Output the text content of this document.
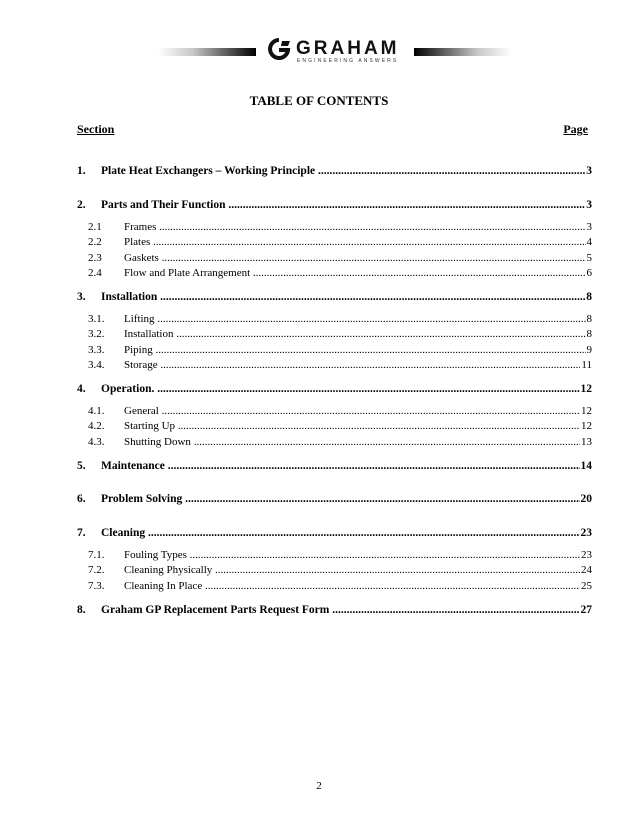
GRAHAM
ENGINEERING ANSWERS
TABLE OF CONTENTS
Section	Page
1. Plate Heat Exchangers – Working Principle .....	3
2. Parts and Their Function .....	3
2.1 Frames .....	3
2.2 Plates .....	4
2.3 Gaskets .....	5
2.4 Flow and Plate Arrangement .....	6
3. Installation .....	8
3.1. Lifting .....	8
3.2. Installation .....	8
3.3. Piping .....	9
3.4. Storage .....	11
4. Operation. .....	12
4.1. General .....	12
4.2. Starting Up .....	12
4.3. Shutting Down .....	13
5. Maintenance .....	14
6. Problem Solving .....	20
7. Cleaning .....	23
7.1. Fouling Types .....	23
7.2. Cleaning Physically .....	24
7.3. Cleaning In Place .....	25
8. Graham GP Replacement Parts Request Form .....	27
2
